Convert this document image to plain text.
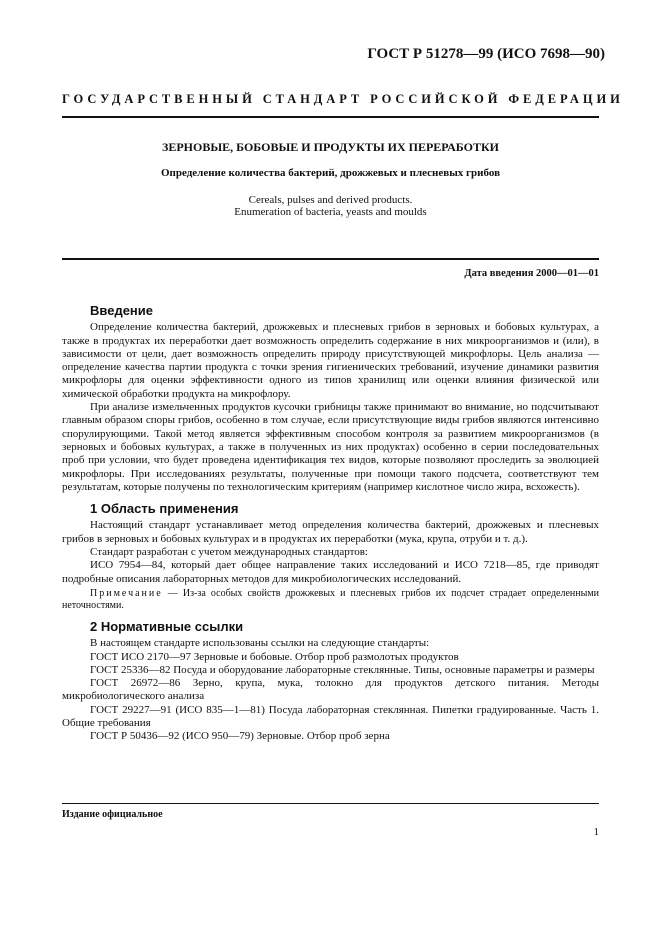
ГОСТ Р 51278—99 (ИСО 7698—90)
ГОСУДАРСТВЕННЫЙ СТАНДАРТ РОССИЙСКОЙ ФЕДЕРАЦИИ
ЗЕРНОВЫЕ, БОБОВЫЕ И ПРОДУКТЫ ИХ ПЕРЕРАБОТКИ
Определение количества бактерий, дрожжевых и плесневых грибов
Cereals, pulses and derived products.
Enumeration of bacteria, yeasts and moulds
Дата введения 2000—01—01
Введение

Определение количества бактерий, дрожжевых и плесневых грибов в зерновых и бобовых культурах, а также в продуктах их переработки дает возможность определить содержание в них микроорганизмов и (или), в зависимости от цели, дает возможность определить природу присутствующей микрофлоры. Цель анализа — определение качества партии продукта с точки зрения гигиенических требований, изучение динамики развития микрофлоры для оценки эффективности одного из типов хранилищ или оценки влияния физической или химической обработки продукта на микрофлору.

При анализе измельченных продуктов кусочки грибницы также принимают во внимание, но подсчитывают главным образом споры грибов, особенно в том случае, если присутствующие виды грибов являются интенсивно спорулирующими. Такой метод является эффективным способом контроля за развитием микроорганизмов (в зерновых и бобовых культурах, а также в полученных из них продуктах) особенно в серии последовательных проб при условии, что будет проведена идентификация тех видов, которые позволяют проследить за эволюцией микрофлоры. При исследованиях результаты, полученные при помощи такого подсчета, соответствуют тем результатам, которые получены по технологическим критериям (например кислотное число жира, всхожесть).

1 Область применения

Настоящий стандарт устанавливает метод определения количества бактерий, дрожжевых и плесневых грибов в зерновых и бобовых культурах и в продуктах их переработки (мука, крупа, отруби и т. д.).

Стандарт разработан с учетом международных стандартов:

ИСО 7954—84, который дает общее направление таких исследований и ИСО 7218—85, где приводят подробные описания лабораторных методов для микробиологических исследований.

Примечание — Из-за особых свойств дрожжевых и плесневых грибов их подсчет страдает определенными неточностями.

2 Нормативные ссылки

В настоящем стандарте использованы ссылки на следующие стандарты:

ГОСТ ИСО 2170—97 Зерновые и бобовые. Отбор проб размолотых продуктов

ГОСТ 25336—82 Посуда и оборудование лабораторные стеклянные. Типы, основные параметры и размеры

ГОСТ 26972—86 Зерно, крупа, мука, толокно для продуктов детского питания. Методы микробиологического анализа

ГОСТ 29227—91 (ИСО 835—1—81) Посуда лабораторная стеклянная. Пипетки градуированные. Часть 1. Общие требования

ГОСТ Р 50436—92 (ИСО 950—79) Зерновые. Отбор проб зерна

Издание официальное
1
